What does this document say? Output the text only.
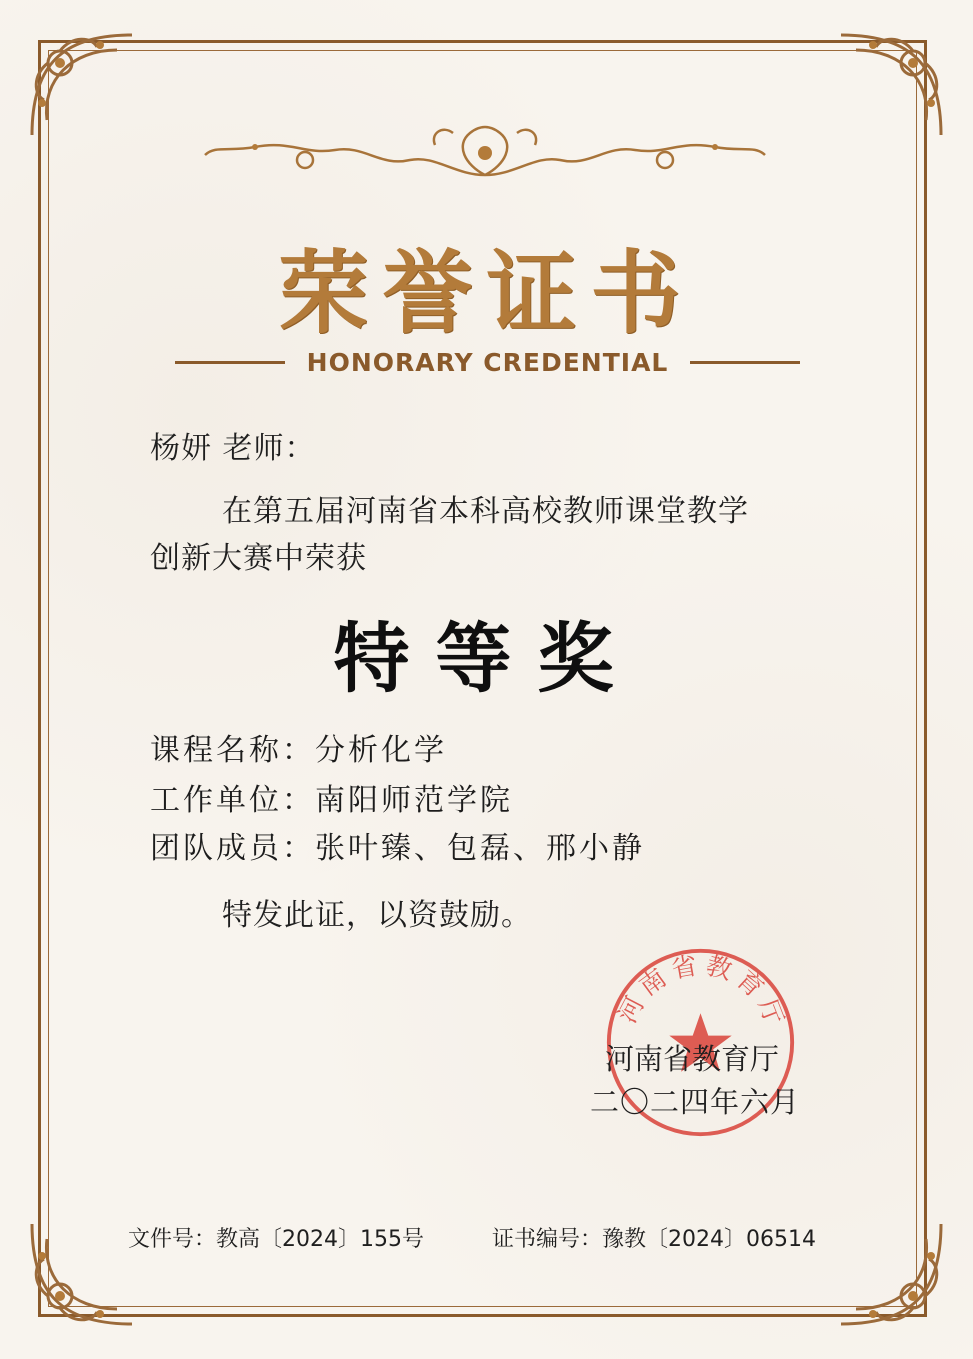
荣誉证书
HONORARY CREDENTIAL
杨妍 老师：
在第五届河南省本科高校教师课堂教学
创新大赛中荣获
特等奖
课程名称：分析化学
工作单位：南阳师范学院
团队成员：张叶臻、包磊、邢小静
特发此证，以资鼓励。
河南省教育厅
河南省教育厅
二〇二四年六月
文件号：教高〔2024〕155号	证书编号：豫教〔2024〕06514
